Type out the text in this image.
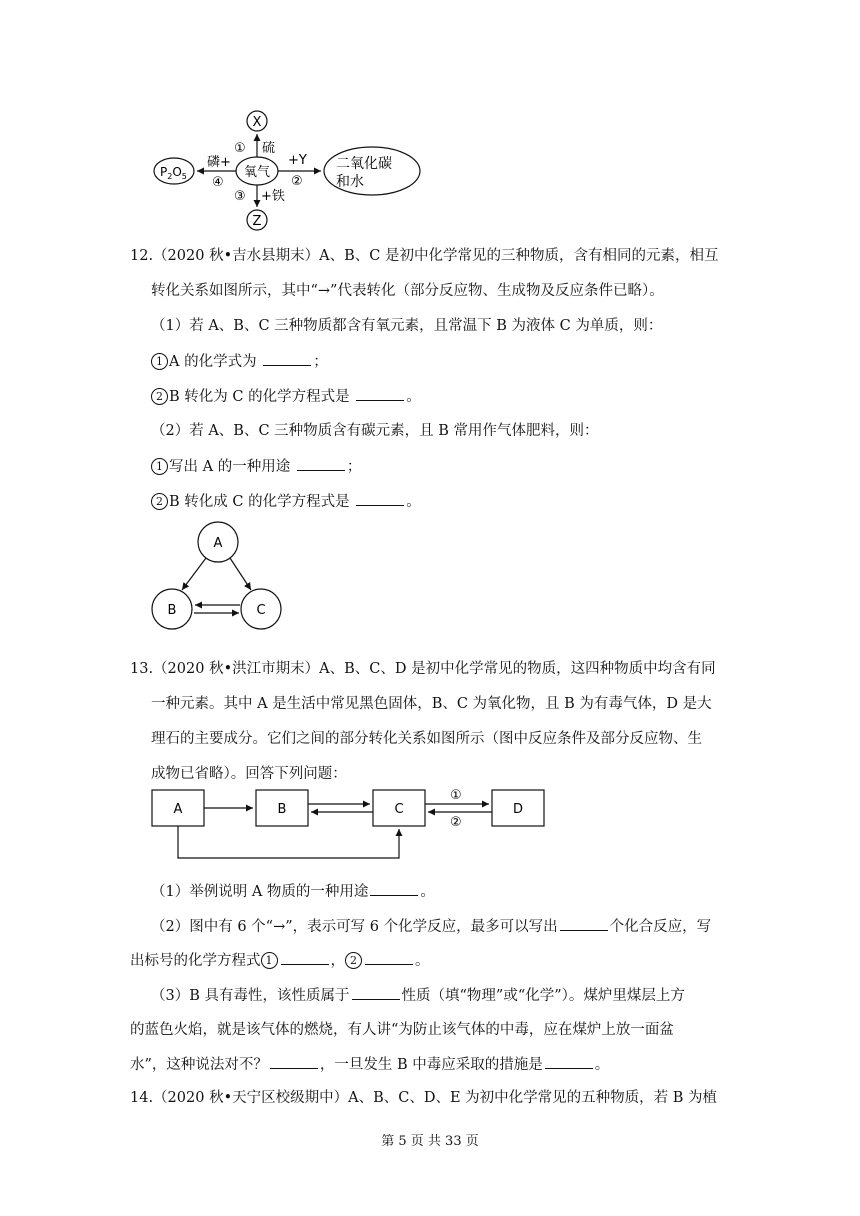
X
Z
$P_2O_5$	氧气
二氧化碳
和水
① 硫
磷+
④
+Y
②
③ +铁
12.（2020 秋•吉水县期末）A、B、C 是初中化学常见的三种物质，含有相同的元素，相互
转化关系如图所示，其中“→”代表转化（部分反应物、生成物及反应条件已略）。
（1）若 A、B、C 三种物质都含有氧元素，且常温下 B 为液体 C 为单质，则：
1 A 的化学式为	；
2 B 转化为 C 的化学方程式是	。
（2）若 A、B、C 三种物质含有碳元素，且 B 常用作气体肥料，则：
1 写出 A 的一种用途	；
2 B 转化成 C 的化学方程式是	。
A
B	C
13.（2020 秋•洪江市期末）A、B、C、D 是初中化学常见的物质，这四种物质中均含有同
一种元素。其中 A 是生活中常见黑色固体，B、C 为氧化物，且 B 为有毒气体，D 是大
理石的主要成分。它们之间的部分转化关系如图所示（图中反应条件及部分反应物、生
成物已省略）。回答下列问题：
A	B	C	D
①
②
（1）举例说明 A 物质的一种用途	。
（2）图中有 6 个“→”，表示可写 6 个化学反应，最多可以写出	个化合反应，写
出标号的化学方程式 1	， 2	。
（3）B 具有毒性，该性质属于	性质（填“物理”或“化学”）。煤炉里煤层上方
的蓝色火焰，就是该气体的燃烧，有人讲“为防止该气体的中毒，应在煤炉上放一面盆
水”，这种说法对不？	，一旦发生 B 中毒应采取的措施是	。
14.（2020 秋•天宁区校级期中）A、B、C、D、E 为初中化学常见的五种物质，若 B 为植
第 5 页 共 33 页
